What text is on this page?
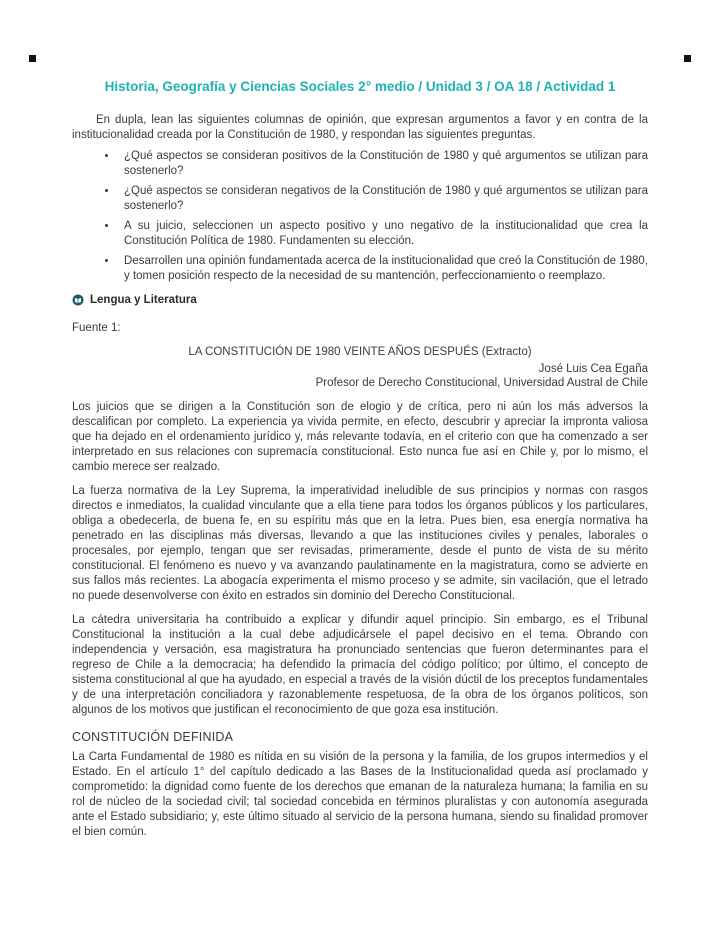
Historia, Geografía y Ciencias Sociales 2° medio / Unidad 3 / OA 18 / Actividad 1

En dupla, lean las siguientes columnas de opinión, que expresan argumentos a favor y en contra de la institucionalidad creada por la Constitución de 1980, y respondan las siguientes preguntas.

• ¿Qué aspectos se consideran positivos de la Constitución de 1980 y qué argumentos se utilizan para sostenerlo?
• ¿Qué aspectos se consideran negativos de la Constitución de 1980 y qué argumentos se utilizan para sostenerlo?
• A su juicio, seleccionen un aspecto positivo y uno negativo de la institucionalidad que crea la Constitución Política de 1980. Fundamenten su elección.
• Desarrollen una opinión fundamentada acerca de la institucionalidad que creó la Constitución de 1980, y tomen posición respecto de la necesidad de su mantención, perfeccionamiento o reemplazo.
Lengua y Literatura

Fuente 1:

LA CONSTITUCIÓN DE 1980 VEINTE AÑOS DESPUÉS (Extracto)

José Luis Cea Egaña
Profesor de Derecho Constitucional, Universidad Austral de Chile

Los juicios que se dirigen a la Constitución son de elogio y de crítica, pero ni aún los más adversos la descalifican por completo. La experiencia ya vivida permite, en efecto, descubrir y apreciar la impronta valiosa que ha dejado en el ordenamiento jurídico y, más relevante todavía, en el criterio con que ha comenzado a ser interpretado en sus relaciones con supremacía constitucional. Esto nunca fue así en Chile y, por lo mismo, el cambio merece ser realzado.

La fuerza normativa de la Ley Suprema, la imperatividad ineludible de sus principios y normas con rasgos directos e inmediatos, la cualidad vinculante que a ella tiene para todos los órganos públicos y los particulares, obliga a obedecerla, de buena fe, en su espíritu más que en la letra. Pues bien, esa energía normativa ha penetrado en las disciplinas más diversas, llevando a que las instituciones civiles y penales, laborales o procesales, por ejemplo, tengan que ser revisadas, primeramente, desde el punto de vista de su mérito constitucional. El fenómeno es nuevo y va avanzando paulatinamente en la magistratura, como se advierte en sus fallos más recientes. La abogacía experimenta el mismo proceso y se admite, sin vacilación, que el letrado no puede desenvolverse con éxito en estrados sin dominio del Derecho Constitucional.

La cátedra universitaria ha contribuido a explicar y difundir aquel principio. Sin embargo, es el Tribunal Constitucional la institución a la cual debe adjudicársele el papel decisivo en el tema. Obrando con independencia y versación, esa magistratura ha pronunciado sentencias que fueron determinantes para el regreso de Chile a la democracia; ha defendido la primacía del código político; por último, el concepto de sistema constitucional al que ha ayudado, en especial a través de la visión dúctil de los preceptos fundamentales y de una interpretación conciliadora y razonablemente respetuosa, de la obra de los órganos políticos, son algunos de los motivos que justifican el reconocimiento de que goza esa institución.

CONSTITUCIÓN DEFINIDA

La Carta Fundamental de 1980 es nítida en su visión de la persona y la familia, de los grupos intermedios y el Estado. En el artículo 1° del capítulo dedicado a las Bases de la Institucionalidad queda así proclamado y comprometido: la dignidad como fuente de los derechos que emanan de la naturaleza humana; la familia en su rol de núcleo de la sociedad civil; tal sociedad concebida en términos pluralistas y con autonomía asegurada ante el Estado subsidiario; y, este último situado al servicio de la persona humana, siendo su finalidad promover el bien común.
